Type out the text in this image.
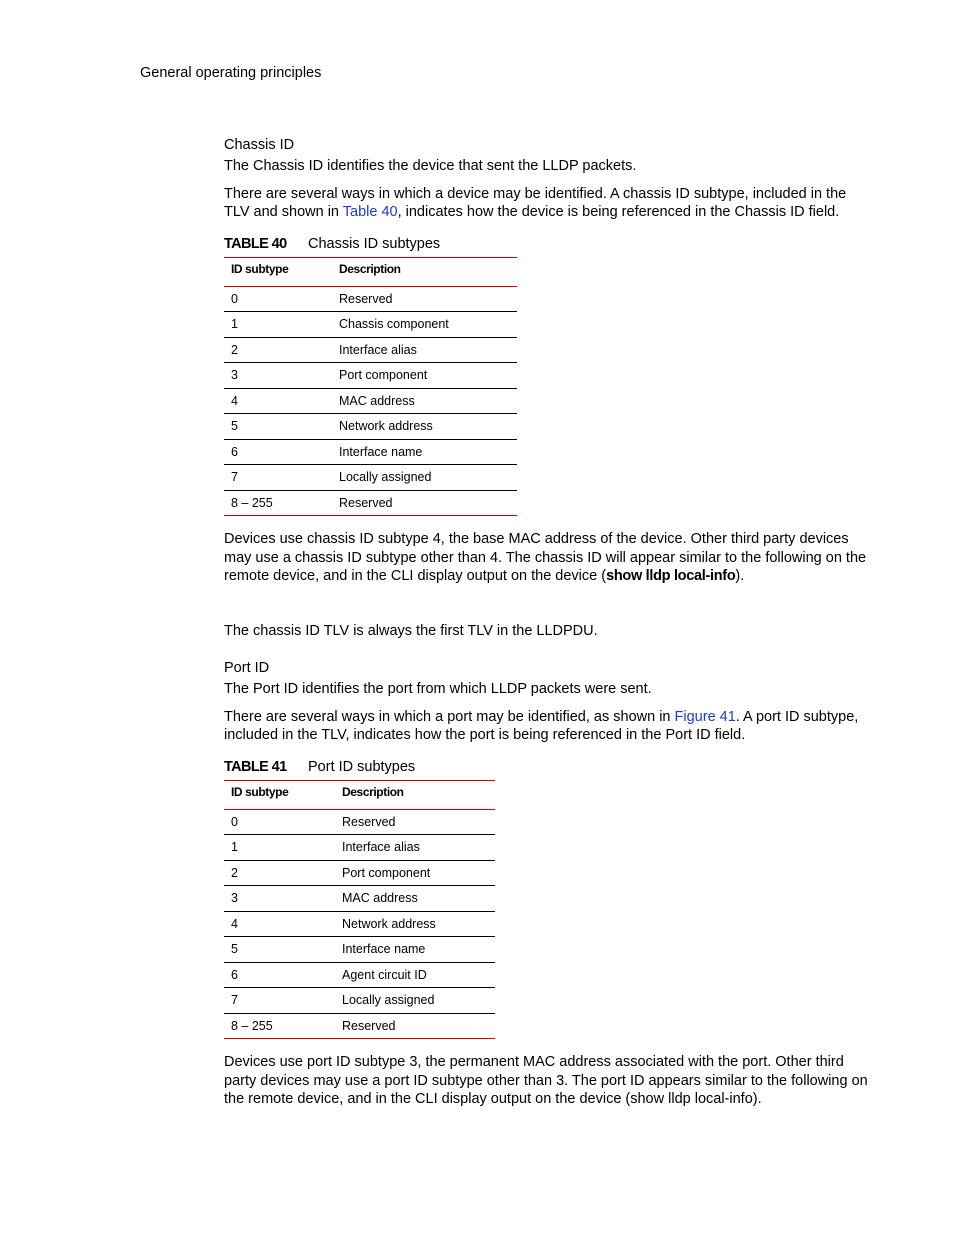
General operating principles
Chassis ID

The Chassis ID identifies the device that sent the LLDP packets.

There are several ways in which a device may be identified. A chassis ID subtype, included in the TLV and shown in Table 40, indicates how the device is being referenced in the Chassis ID field.

TABLE 40	Chassis ID subtypes
ID subtype	Description
0	Reserved
1	Chassis component
2	Interface alias
3	Port component
4	MAC address
5	Network address
6	Interface name
7	Locally assigned
8 – 255	Reserved

Devices use chassis ID subtype 4, the base MAC address of the device. Other third party devices may use a chassis ID subtype other than 4. The chassis ID will appear similar to the following on the remote device, and in the CLI display output on the device (show lldp local-info).

The chassis ID TLV is always the first TLV in the LLDPDU.

Port ID

The Port ID identifies the port from which LLDP packets were sent.

There are several ways in which a port may be identified, as shown in Figure 41. A port ID subtype, included in the TLV, indicates how the port is being referenced in the Port ID field.

TABLE 41	Port ID subtypes
ID subtype	Description
0	Reserved
1	Interface alias
2	Port component
3	MAC address
4	Network address
5	Interface name
6	Agent circuit ID
7	Locally assigned
8 – 255	Reserved

Devices use port ID subtype 3, the permanent MAC address associated with the port. Other third party devices may use a port ID subtype other than 3. The port ID appears similar to the following on the remote device, and in the CLI display output on the device (show lldp local-info).
